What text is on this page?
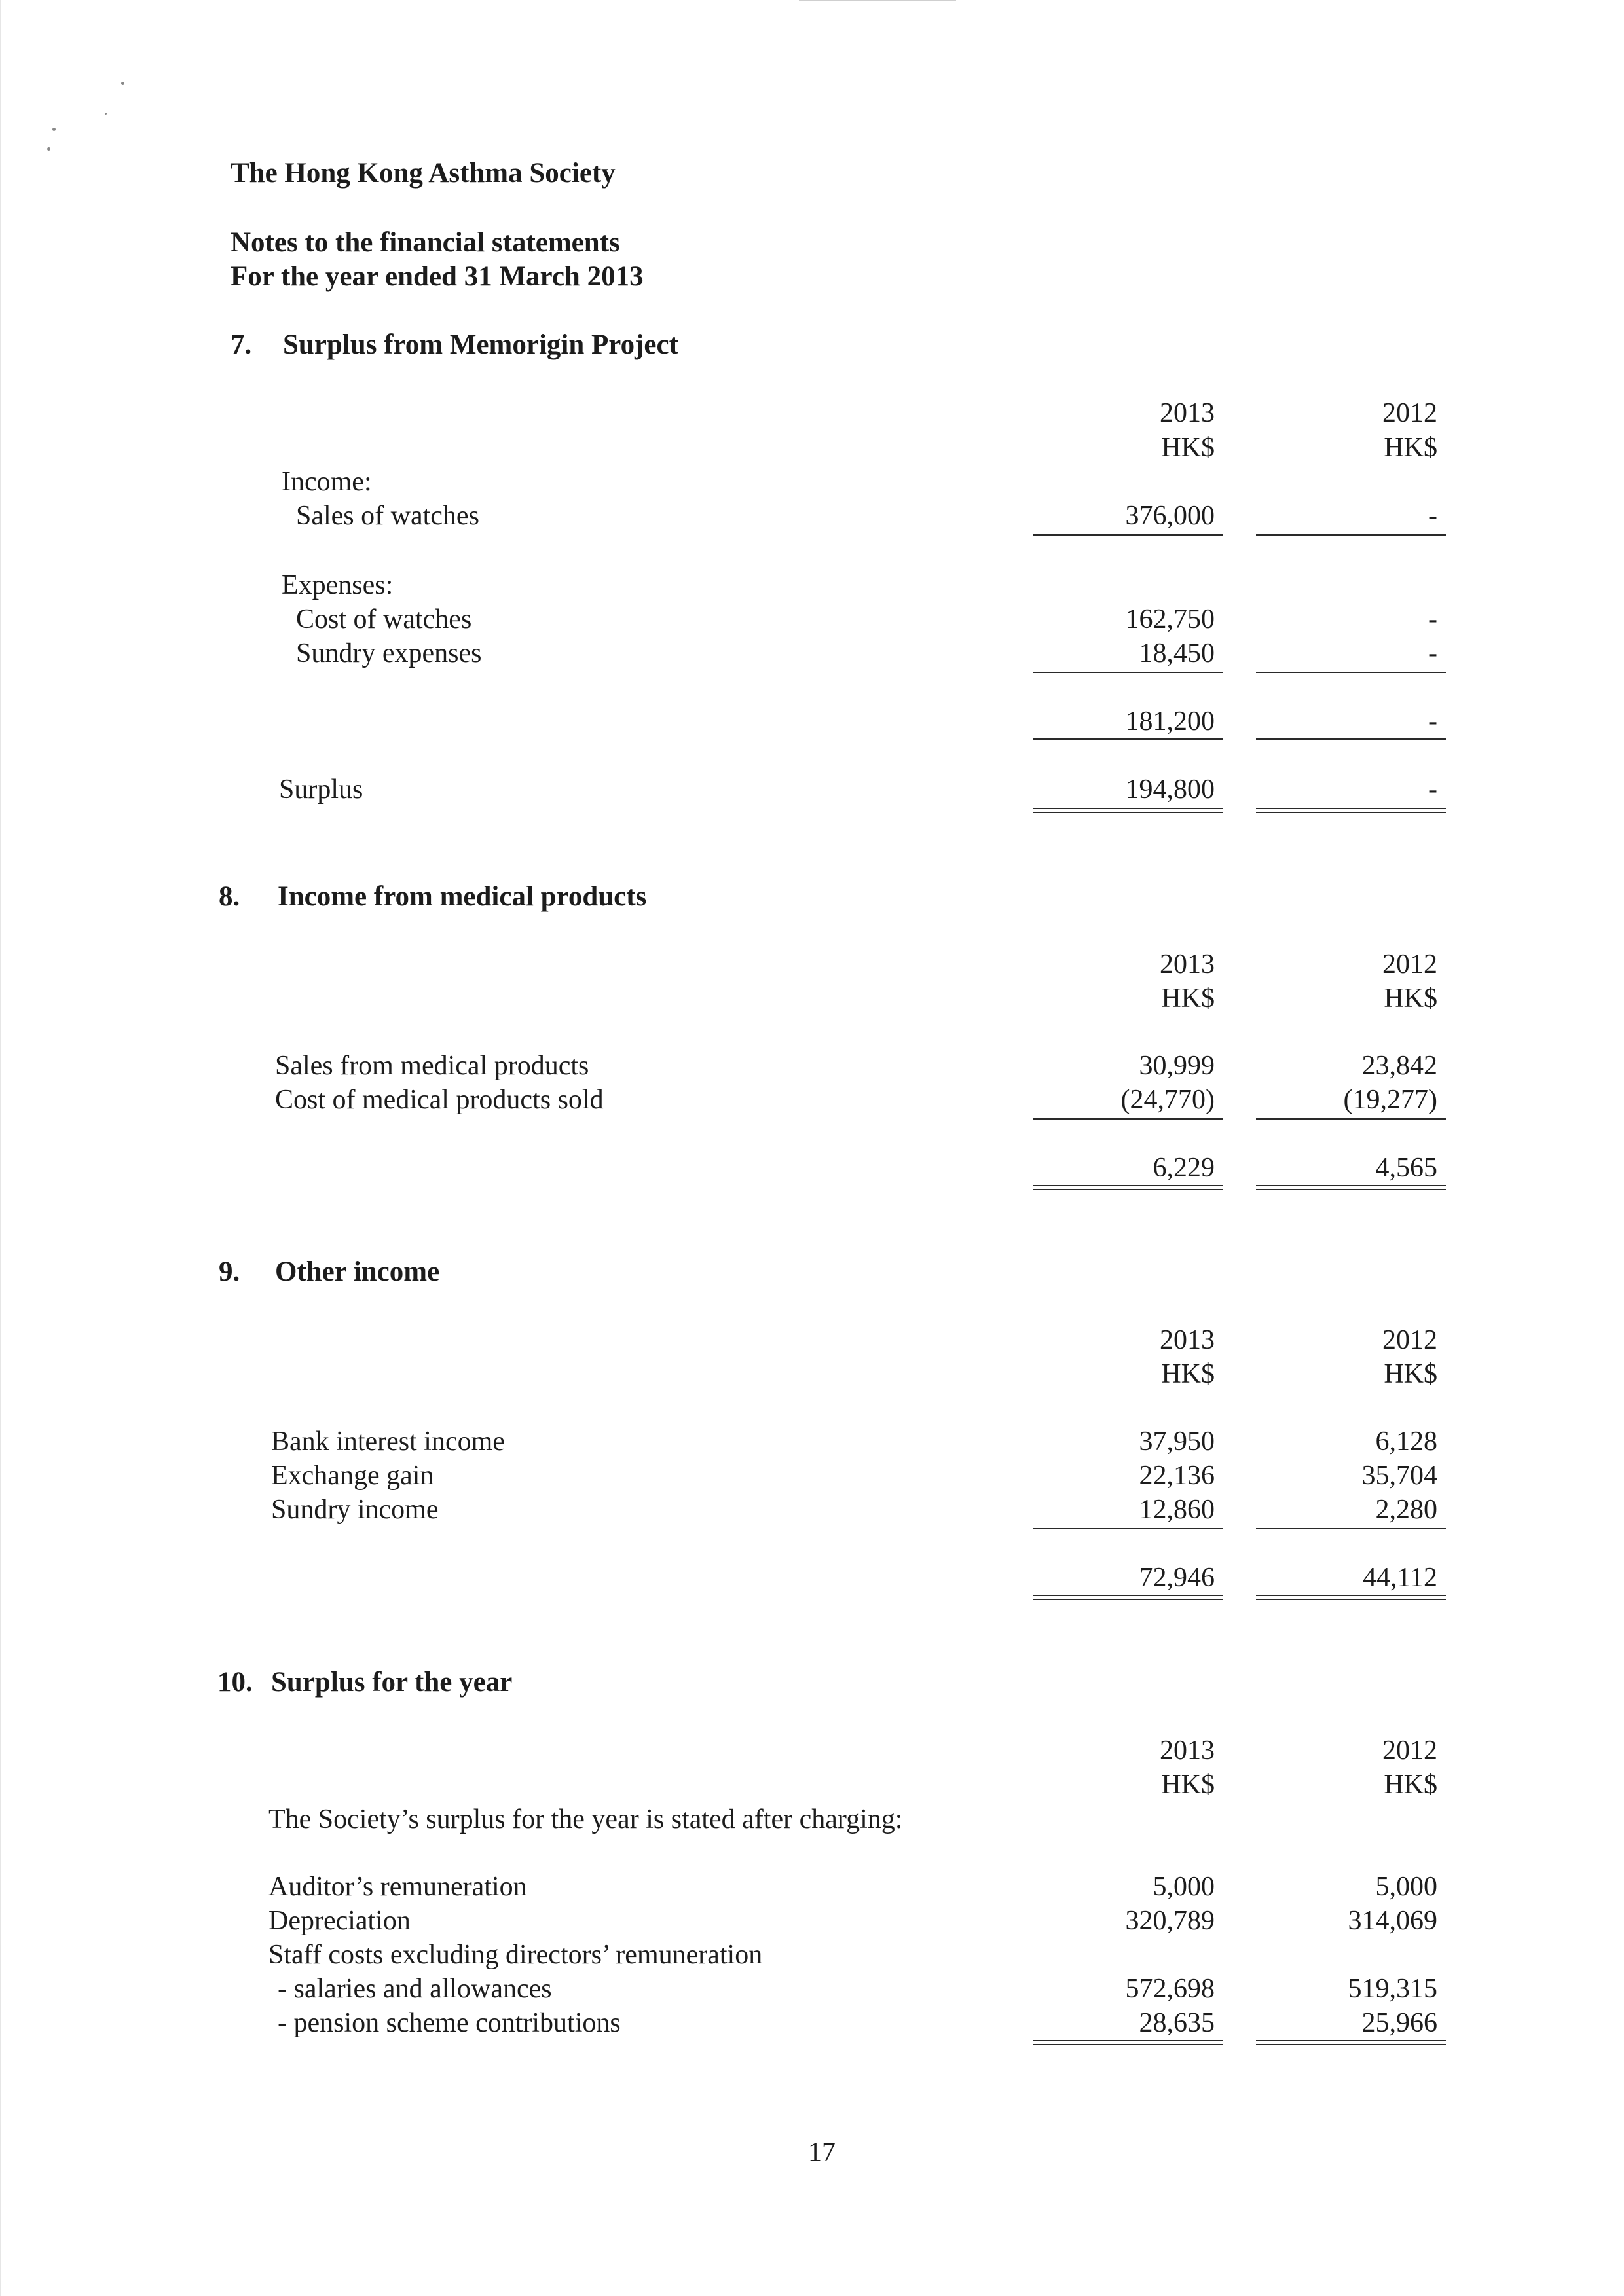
The Hong Kong Asthma Society
Notes to the financial statements
For the year ended 31 March 2013
7. Surplus from Memorigin Project
2013	2012
HK$	HK$
Income:
Sales of watches	376,000	-
Expenses:
Cost of watches	162,750	-
Sundry expenses	18,450	-
181,200	-
Surplus	194,800	-
8. Income from medical products
2013	2012
HK$	HK$
Sales from medical products	30,999	23,842
Cost of medical products sold	(24,770)	(19,277)
6,229	4,565
9. Other income
2013	2012
HK$	HK$
Bank interest income	37,950	6,128
Exchange gain	22,136	35,704
Sundry income	12,860	2,280
72,946	44,112
10. Surplus for the year
2013	2012
HK$	HK$
The Society’s surplus for the year is stated after charging:
Auditor’s remuneration	5,000	5,000
Depreciation	320,789	314,069
Staff costs excluding directors’ remuneration
- salaries and allowances	572,698	519,315
- pension scheme contributions	28,635	25,966
17
